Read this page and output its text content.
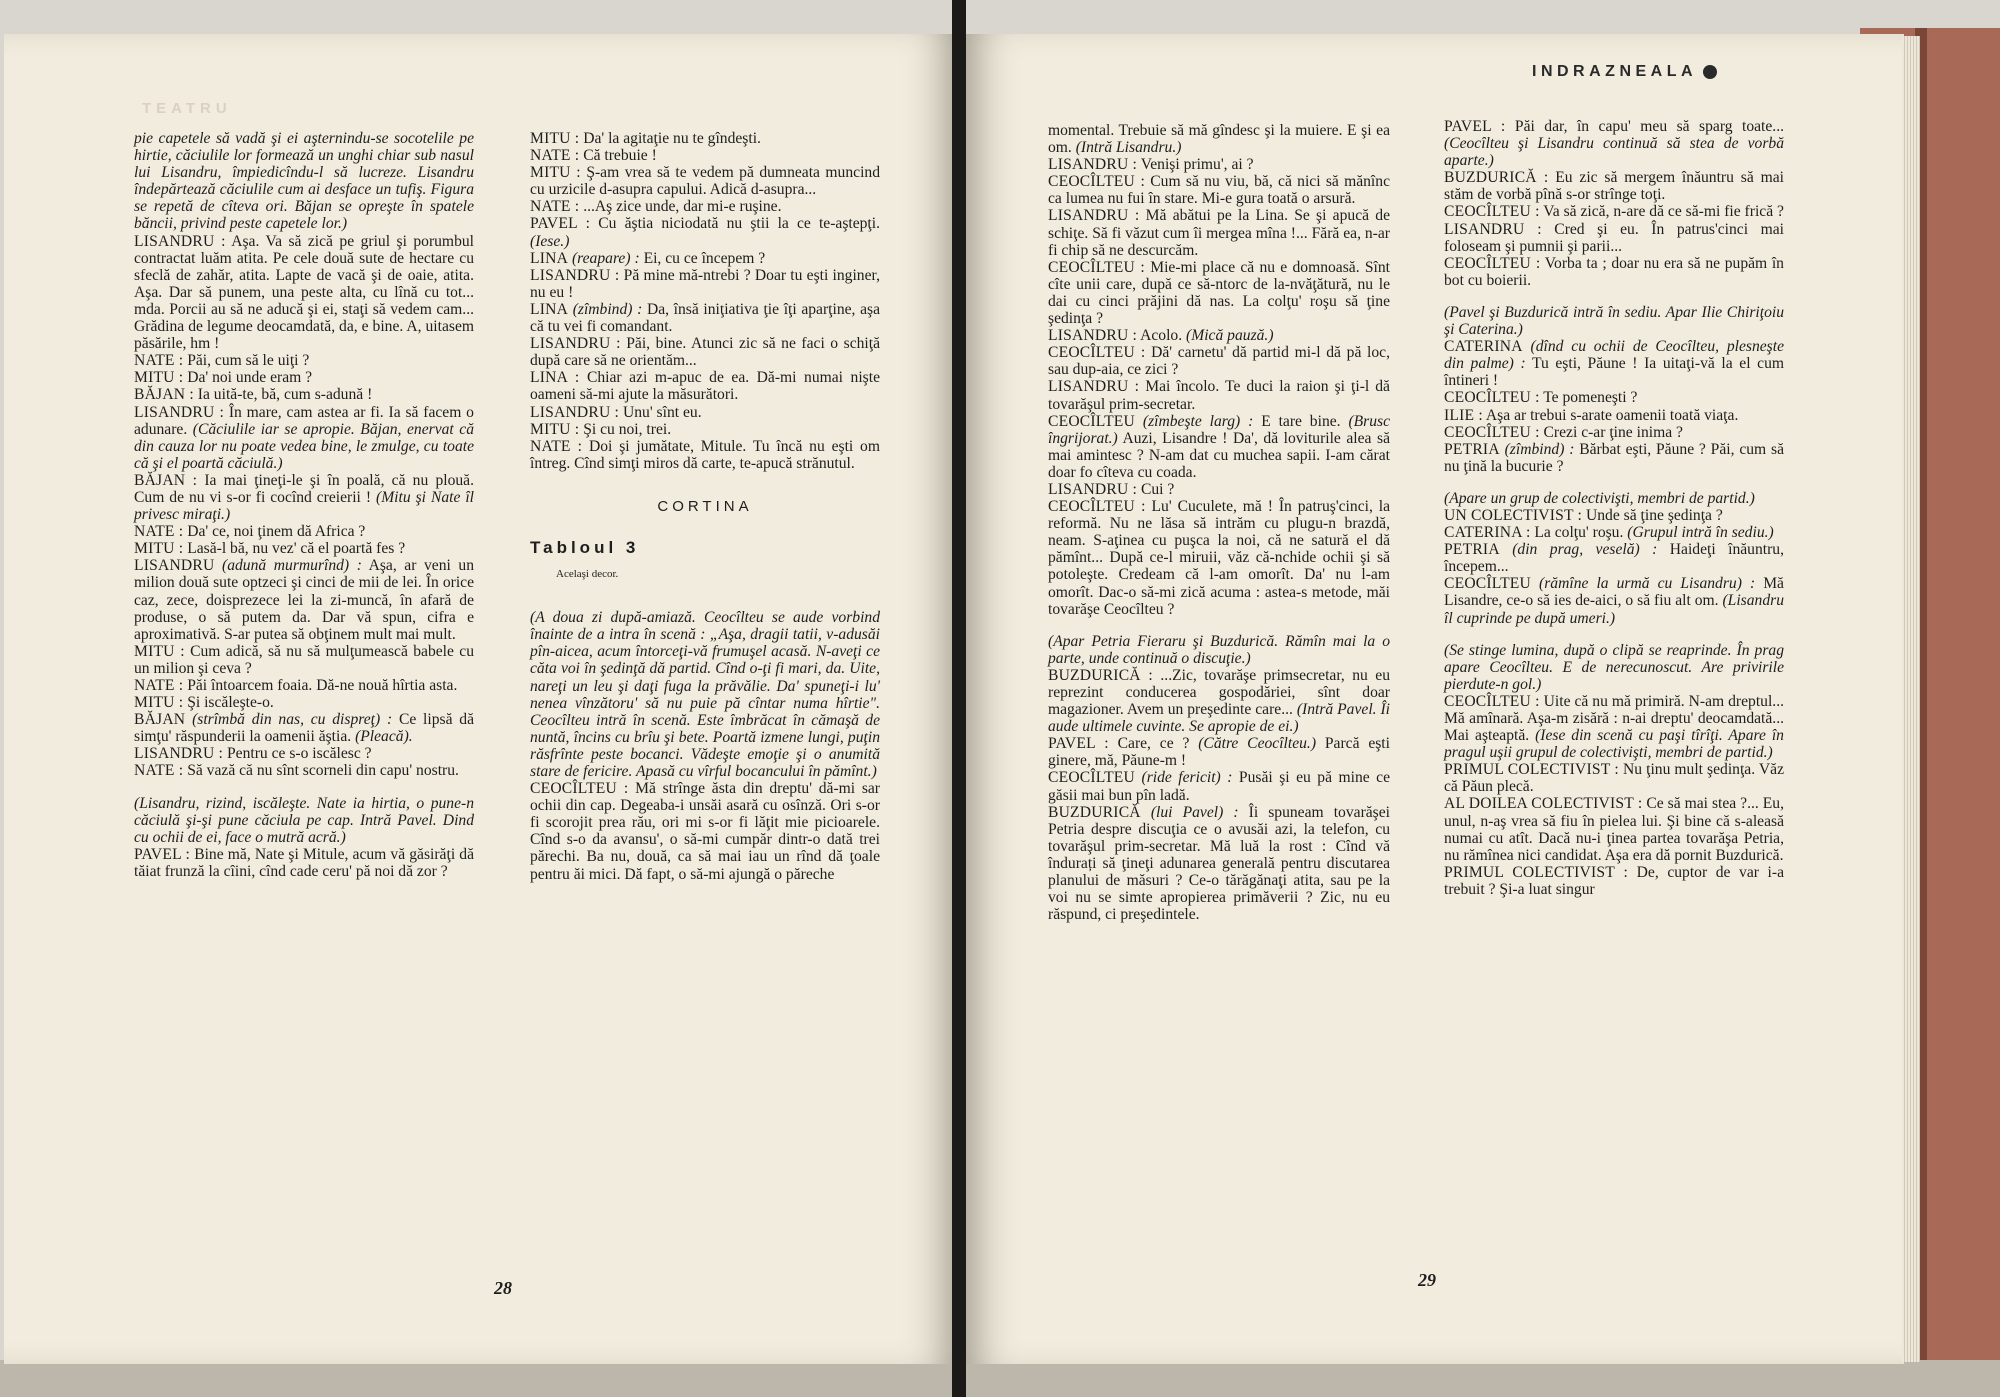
TEATRU

pie capetele să vadă şi ei aşternindu-se socotelile pe hirtie, căciulile lor formează un unghi chiar sub nasul lui Lisandru, împiedicîndu-l să lucreze. Lisandru îndepărtează căciulile cum ai desface un tufiş. Figura se repetă de cîteva ori. Băjan se opreşte în spatele băncii, privind peste capetele lor.)

LISANDRU : Aşa. Va să zică pe griul şi porumbul contractat luăm atita. Pe cele două sute de hectare cu sfeclă de zahăr, atita. Lapte de vacă şi de oaie, atita. Aşa. Dar să punem, una peste alta, cu lînă cu tot... mda. Porcii au să ne aducă şi ei, staţi să vedem cam... Grădina de legume deocamdată, da, e bine. A, uitasem păsările, hm !

NATE : Păi, cum să le uiţi ?

MITU : Da' noi unde eram ?

BĂJAN : Ia uită-te, bă, cum s-adună !

LISANDRU : În mare, cam astea ar fi. Ia să facem o adunare. (Căciulile iar se apropie. Băjan, enervat că din cauza lor nu poate vedea bine, le zmulge, cu toate că şi el poartă căciulă.)

BĂJAN : Ia mai ţineţi-le şi în poală, că nu plouă. Cum de nu vi s-or fi cocînd creierii ! (Mitu şi Nate îl privesc miraţi.)

NATE : Da' ce, noi ţinem dă Africa ?

MITU : Lasă-l bă, nu vez' că el poartă fes ?

LISANDRU (adună murmurînd) : Aşa, ar veni un milion două sute optzeci şi cinci de mii de lei. În orice caz, zece, doisprezece lei la zi-muncă, în afară de produse, o să putem da. Dar vă spun, cifra e aproximativă. S-ar putea să obţinem mult mai mult.

MITU : Cum adică, să nu să mulţumească babele cu un milion şi ceva ?

NATE : Păi întoarcem foaia. Dă-ne nouă hîrtia asta.

MITU : Şi iscăleşte-o.

BĂJAN (strîmbă din nas, cu dispreţ) : Ce lipsă dă simţu' răspunderii la oamenii ăştia. (Pleacă).

LISANDRU : Pentru ce s-o iscălesc ?

NATE : Să vază că nu sînt scorneli din capu' nostru.

(Lisandru, rizind, iscăleşte. Nate ia hirtia, o pune-n căciulă şi-şi pune căciula pe cap. Intră Pavel. Dind cu ochii de ei, face o mutră acră.)

PAVEL : Bine mă, Nate şi Mitule, acum vă găsirăţi dă tăiat frunză la cîini, cînd cade ceru' pă noi dă zor ?

MITU : Da' la agitaţie nu te gîndeşti.

NATE : Că trebuie !

MITU : Ş-am vrea să te vedem pă dumneata muncind cu urzicile d-asupra capului. Adică d-asupra...

NATE : ...Aş zice unde, dar mi-e ruşine.

PAVEL : Cu ăştia niciodată nu ştii la ce te-aştepţi. (Iese.)

LINA (reapare) : Ei, cu ce începem ?

LISANDRU : Pă mine mă-ntrebi ? Doar tu eşti inginer, nu eu !

LINA (zîmbind) : Da, însă iniţiativa ţie îţi aparţine, aşa că tu vei fi comandant.

LISANDRU : Păi, bine. Atunci zic să ne faci o schiţă după care să ne orientăm...

LINA : Chiar azi m-apuc de ea. Dă-mi numai nişte oameni să-mi ajute la măsurători.

LISANDRU : Unu' sînt eu.

MITU : Şi cu noi, trei.

NATE : Doi şi jumătate, Mitule. Tu încă nu eşti om întreg. Cînd simţi miros dă carte, te-apucă strănutul.

CORTINA
Tabloul 3
Acelaşi decor.

(A doua zi după-amiază. Ceocîlteu se aude vorbind înainte de a intra în scenă : „Aşa, dragii tatii, v-adusăi pîn-aicea, acum întorceţi-vă frumuşel acasă. N-aveţi ce căta voi în şedinţă dă partid. Cînd o-ţi fi mari, da. Uite, nareţi un leu şi daţi fuga la prăvălie. Da' spuneţi-i lu' nenea vînzătoru' să nu puie pă cîntar numa hîrtie". Ceocîlteu intră în scenă. Este îmbrăcat în cămaşă de nuntă, încins cu brîu şi bete. Poartă izmene lungi, puţin răsfrînte peste bocanci. Vădeşte emoţie şi o anumită stare de fericire. Apasă cu vîrful bocancului în pămînt.)

CEOCÎLTEU : Mă strînge ăsta din dreptu' dă-mi sar ochii din cap. Degeaba-i unsăi asară cu osînză. Ori s-or fi scorojit prea rău, ori mi s-or fi lăţit mie picioarele. Cînd s-o da avansu', o să-mi cumpăr dintr-o dată trei părechi. Ba nu, două, ca să mai iau un rînd dă ţoale pentru ăi mici. Dă fapt, o să-mi ajungă o păreche

28
INDRAZNEALA

momental. Trebuie să mă gîndesc şi la muiere. E şi ea om. (Intră Lisandru.)

LISANDRU : Venişi primu', ai ?

CEOCÎLTEU : Cum să nu viu, bă, că nici să mănînc ca lumea nu fui în stare. Mi-e gura toată o arsură.

LISANDRU : Mă abătui pe la Lina. Se şi apucă de schiţe. Să fi văzut cum îi mergea mîna !... Fără ea, n-ar fi chip să ne descurcăm.

CEOCÎLTEU : Mie-mi place că nu e domnoasă. Sînt cîte unii care, după ce să-ntorc de la-nvăţătură, nu le dai cu cinci prăjini dă nas. La colţu' roşu să ţine şedinţa ?

LISANDRU : Acolo. (Mică pauză.)

CEOCÎLTEU : Dă' carnetu' dă partid mi-l dă pă loc, sau dup-aia, ce zici ?

LISANDRU : Mai încolo. Te duci la raion şi ţi-l dă tovarăşul prim-secretar.

CEOCÎLTEU (zîmbeşte larg) : E tare bine. (Brusc îngrijorat.) Auzi, Lisandre ! Da', dă loviturile alea să mai amintesc ? N-am dat cu muchea sapii. I-am cărat doar fo cîteva cu coada.

LISANDRU : Cui ?

CEOCÎLTEU : Lu' Cuculete, mă ! În patruş'cinci, la reformă. Nu ne lăsa să intrăm cu plugu-n brazdă, neam. S-aţinea cu puşca la noi, că ne satură el dă pămînt... După ce-l miruii, văz că-nchide ochii şi să potoleşte. Credeam că l-am omorît. Da' nu l-am omorît. Dac-o să-mi zică acuma : astea-s metode, măi tovarăşe Ceocîlteu ?

(Apar Petria Fieraru şi Buzdurică. Rămîn mai la o parte, unde continuă o discuţie.)

BUZDURICĂ : ...Zic, tovarăşe primsecretar, nu eu reprezint conducerea gospodăriei, sînt doar magazioner. Avem un preşedinte care... (Intră Pavel. Îi aude ultimele cuvinte. Se apropie de ei.)

PAVEL : Care, ce ? (Către Ceocîlteu.) Parcă eşti ginere, mă, Păune-m !

CEOCÎLTEU (ride fericit) : Pusăi şi eu pă mine ce găsii mai bun pîn ladă.

BUZDURICĂ (lui Pavel) : Îi spuneam tovarăşei Petria despre discuţia ce o avusăi azi, la telefon, cu tovarăşul prim-secretar. Mă luă la rost : Cînd vă îndurați să ţineţi adunarea generală pentru discutarea planului de măsuri ? Ce-o tărăgănaţi atita, sau pe la voi nu se simte apropierea primăverii ? Zic, nu eu răspund, ci preşedintele.

PAVEL : Păi dar, în capu' meu să sparg toate... (Ceocîlteu şi Lisandru continuă să stea de vorbă aparte.)

BUZDURICĂ : Eu zic să mergem înăuntru să mai stăm de vorbă pînă s-or strînge toţi.

CEOCÎLTEU : Va să zică, n-are dă ce să-mi fie frică ?

LISANDRU : Cred şi eu. În patrus'cinci mai foloseam şi pumnii şi parii...

CEOCÎLTEU : Vorba ta ; doar nu era să ne pupăm în bot cu boierii.

(Pavel şi Buzdurică intră în sediu. Apar Ilie Chiriţoiu şi Caterina.)

CATERINA (dînd cu ochii de Ceocîlteu, plesneşte din palme) : Tu eşti, Păune ! Ia uitaţi-vă la el cum întineri !

CEOCÎLTEU : Te pomeneşti ?

ILIE : Aşa ar trebui s-arate oamenii toată viaţa.

CEOCÎLTEU : Crezi c-ar ţine inima ?

PETRIA (zîmbind) : Bărbat eşti, Păune ? Păi, cum să nu ţină la bucurie ?

(Apare un grup de colectivişti, membri de partid.)

UN COLECTIVIST : Unde să ţine şedinţa ?

CATERINA : La colţu' roşu. (Grupul intră în sediu.)

PETRIA (din prag, veselă) : Haideţi înăuntru, începem...

CEOCÎLTEU (rămîne la urmă cu Lisandru) : Mă Lisandre, ce-o să ies de-aici, o să fiu alt om. (Lisandru îl cuprinde pe după umeri.)

(Se stinge lumina, după o clipă se reaprinde. În prag apare Ceocîlteu. E de nerecunoscut. Are privirile pierdute-n gol.)

CEOCÎLTEU : Uite că nu mă primiră. N-am dreptul... Mă amînară. Aşa-m zisără : n-ai dreptu' deocamdată... Mai aşteaptă. (Iese din scenă cu paşi tîrîţi. Apare în pragul uşii grupul de colectivişti, membri de partid.)

PRIMUL COLECTIVIST : Nu ţinu mult şedinţa. Văz că Păun plecă.

AL DOILEA COLECTIVIST : Ce să mai stea ?... Eu, unul, n-aş vrea să fiu în pielea lui. Şi bine că s-aleasă numai cu atît. Dacă nu-i ţinea partea tovarăşa Petria, nu rămînea nici candidat. Aşa era dă pornit Buzdurică.

PRIMUL COLECTIVIST : De, cuptor de var i-a trebuit ? Şi-a luat singur

29
